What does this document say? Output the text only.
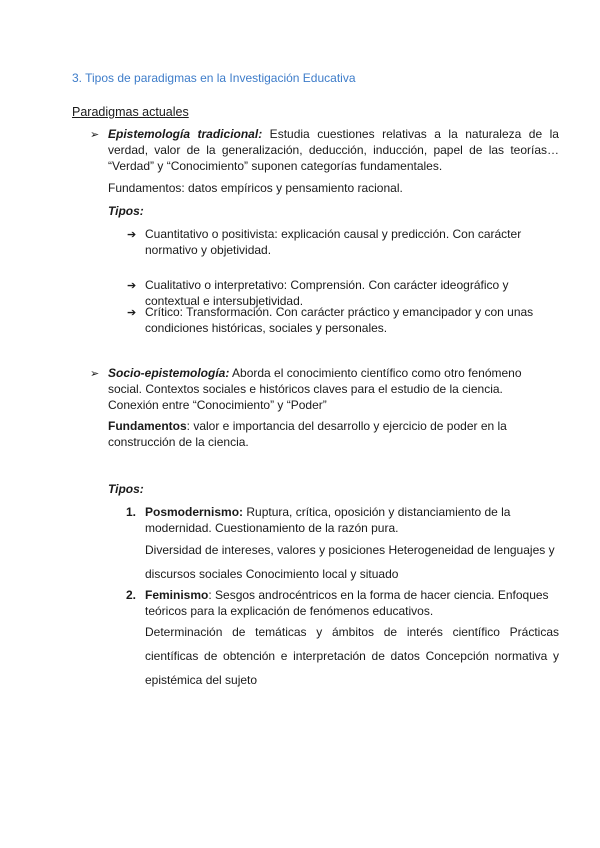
3. Tipos de paradigmas en la Investigación Educativa
Paradigmas actuales
➢ Epistemología tradicional: Estudia cuestiones relativas a la naturaleza de la verdad, valor de la generalización, deducción, inducción, papel de las teorías… “Verdad” y “Conocimiento” suponen categorías fundamentales.
Fundamentos: datos empíricos y pensamiento racional.
Tipos:
➔ Cuantitativo o positivista: explicación causal y predicción. Con carácter normativo y objetividad.
➔ Cualitativo o interpretativo: Comprensión. Con carácter ideográfico y contextual e intersubjetividad.
➔ Crítico: Transformación. Con carácter práctico y emancipador y con unas condiciones históricas, sociales y personales.
➢ Socio-epistemología: Aborda el conocimiento científico como otro fenómeno social. Contextos sociales e históricos claves para el estudio de la ciencia. Conexión entre “Conocimiento” y “Poder”
Fundamentos: valor e importancia del desarrollo y ejercicio de poder en la construcción de la ciencia.
Tipos:
1. Posmodernismo: Ruptura, crítica, oposición y distanciamiento de la modernidad. Cuestionamiento de la razón pura.
Diversidad de intereses, valores y posiciones Heterogeneidad de lenguajes y discursos sociales Conocimiento local y situado
2. Feminismo: Sesgos androcéntricos en la forma de hacer ciencia. Enfoques teóricos para la explicación de fenómenos educativos.
Determinación de temáticas y ámbitos de interés científico Prácticas científicas de obtención e interpretación de datos Concepción normativa y epistémica del sujeto
